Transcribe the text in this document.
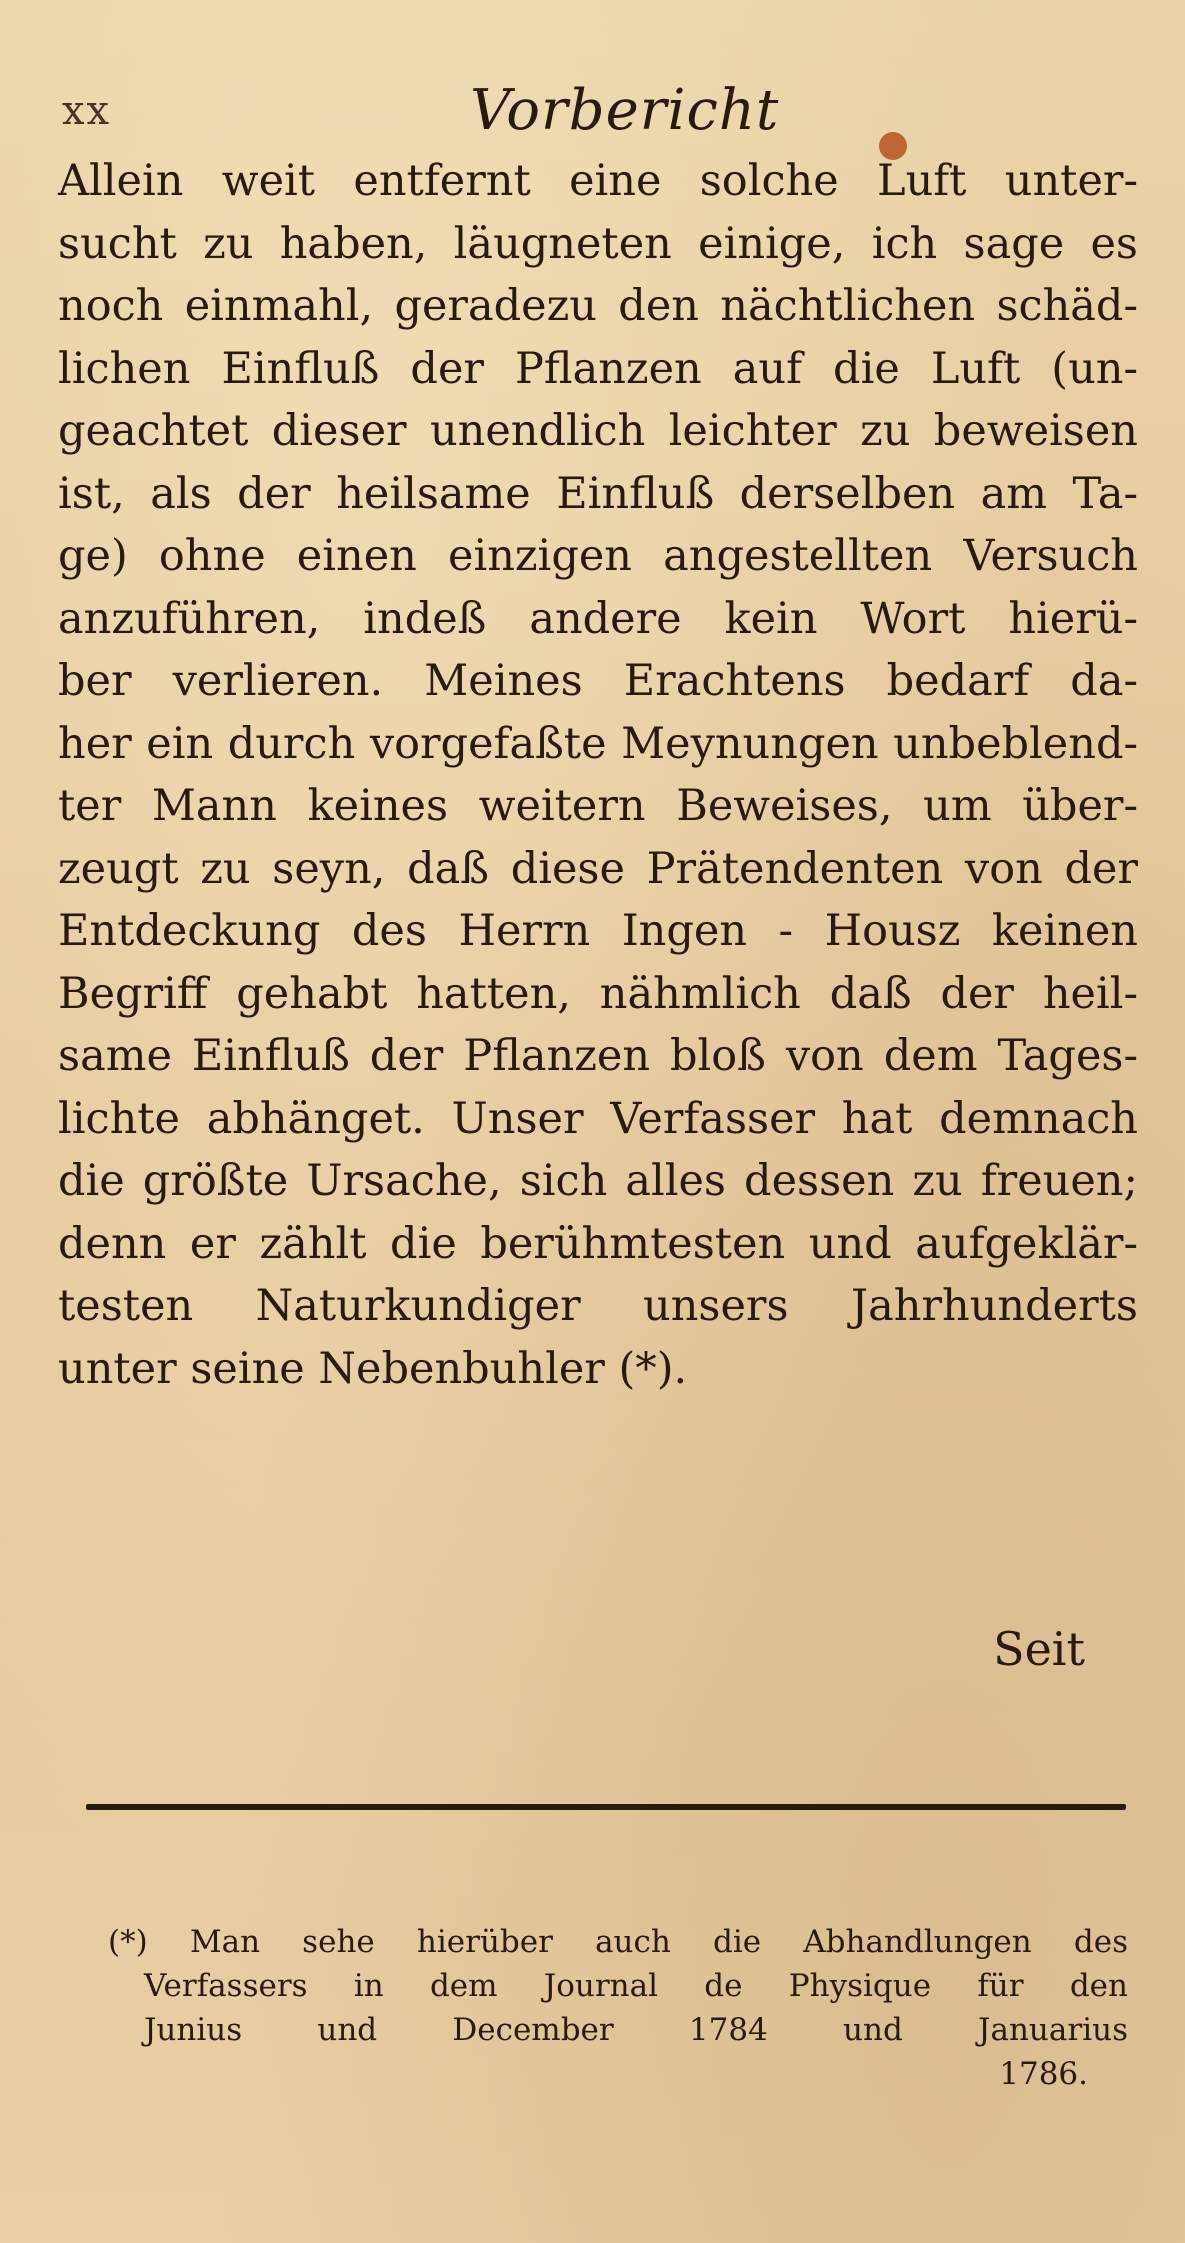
xx	Vorbericht
Allein weit entfernt eine solche Luft unter-
sucht zu haben, läugneten einige, ich sage es
noch einmahl, geradezu den nächtlichen schäd-
lichen Einfluß der Pflanzen auf die Luft (un-
geachtet dieser unendlich leichter zu beweisen
ist, als der heilsame Einfluß derselben am Ta-
ge) ohne einen einzigen angestellten Versuch
anzuführen, indeß andere kein Wort hierü-
ber verlieren. Meines Erachtens bedarf da-
her ein durch vorgefaßte Meynungen unbeblend-
ter Mann keines weitern Beweises, um über-
zeugt zu seyn, daß diese Prätendenten von der
Entdeckung des Herrn Ingen - Housz keinen
Begriff gehabt hatten, nähmlich daß der heil-
same Einfluß der Pflanzen bloß von dem Tages-
lichte abhänget. Unser Verfasser hat demnach
die größte Ursache, sich alles dessen zu freuen;
denn er zählt die berühmtesten und aufgeklär-
testen Naturkundiger unsers Jahrhunderts
unter seine Nebenbuhler (*).
Seit
(*) Man sehe hierüber auch die Abhandlungen des
Verfassers in dem Journal de Physique für den
Junius und December 1784 und Januarius
1786.
